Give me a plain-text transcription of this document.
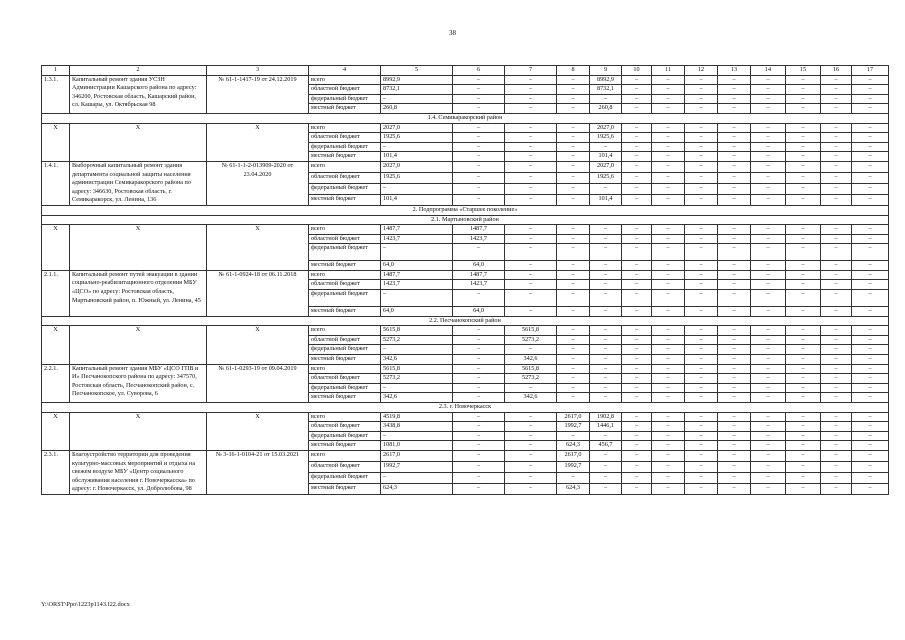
38
1	2	3	4	5	6	7	8	9	10	11	12	13	14	15	16	17
1.3.1.	Капитальный ремонт здания УСЗН Администрации Кашарского района по адресу: 346200, Ростовская область, Кашарский район, сл. Кашары, ул. Октябрьская 98	№ 61-1-1417-19 от 24.12.2019	всего	8992,9	–	–	–	8992,9	–	–	–	–	–	–	–	–
			областной бюджет	8732,1	–	–	–	8732,1	–	–	–	–	–	–	–	–
			федеральный бюджет	–	–	–	–	–	–	–	–	–	–	–	–	–
			местный бюджет	260,8	–	–	–	260,8	–	–	–	–	–	–	–	–
1.4. Семикаракорский район																
Х	Х	Х	всего	2027,0	–	–	–	2027,0	–	–	–	–	–	–	–	–
			областной бюджет	1925,6	–	–	–	1925,6	–	–	–	–	–	–	–	–
			федеральный бюджет	–	–	–	–	–	–	–	–	–	–	–	–	–
			местный бюджет	101,4	–	–	–	101,4	–	–	–	–	–	–	–	–
1.4.1.	Выборочный капитальный ремонт здания департамента социальной защиты населения администрации Семикаракорского района по адресу: 346630, Ростовская область, г. Семикаракорск, ул. Ленина, 136	№ 61-1-1-2-013909-2020 от 23.04.2020	всего	2027,0	–	–	–	2027,0	–	–	–	–	–	–	–	–
			областной бюджет	1925,6	–	–	–	1925,6	–	–	–	–	–	–	–	–
			федеральный бюджет	–	–	–	–	–	–	–	–	–	–	–	–	–
			местный бюджет	101,4	–	–	–	101,4	–	–	–	–	–	–	–	–
2. Подпрограмма «Старшее поколение»																
2.1. Мартыновский район																
Х	Х	Х	всего	1487,7	1487,7	–	–	–	–	–	–	–	–	–	–	–
			областной бюджет	1423,7	1423,7	–	–	–	–	–	–	–	–	–	–	–
			федеральный бюджет	–	–	–	–	–	–	–	–	–	–	–	–	–
			местный бюджет	64,0	64,0	–	–	–	–	–	–	–	–	–	–	–
2.1.1.	Капитальный ремонт путей эвакуации в здании социально-реабилитационного отделения МБУ «ЦСО» по адресу: Ростовская область, Мартыновский район, п. Южный, ул. Ленина, 45	№ 61-1-0924-18 от 06.11.2018	всего	1487,7	1487,7	–	–	–	–	–	–	–	–	–	–	–
			областной бюджет	1423,7	1423,7	–	–	–	–	–	–	–	–	–	–	–
			федеральный бюджет	–	–	–	–	–	–	–	–	–	–	–	–	–
			местный бюджет	64,0	64,0	–	–	–	–	–	–	–	–	–	–	–
2.2. Песчанокопский район																
Х	Х	Х	всего	5615,8	–	5615,8	–	–	–	–	–	–	–	–	–	–
			областной бюджет	5273,2	–	5273,2	–	–	–	–	–	–	–	–	–	–
			федеральный бюджет	–	–	–	–	–	–	–	–	–	–	–	–	–
			местный бюджет	342,6	–	342,6	–	–	–	–	–	–	–	–	–	–
2.2.1.	Капитальный ремонт здания МБУ «ЦСО ГПВ и И» Песчанокопского района по адресу: 347570, Ростовская область, Песчанокопский район, с. Песчанокопское, ул. Суворова, 6	№ 61-1-0293-19 от 09.04.2019	всего	5615,8	–	5615,8	–	–	–	–	–	–	–	–	–	–
			областной бюджет	5273,2	–	5273,2	–	–	–	–	–	–	–	–	–	–
			федеральный бюджет	–	–	–	–	–	–	–	–	–	–	–	–	–
			местный бюджет	342,6	–	342,6	–	–	–	–	–	–	–	–	–	–
2.3. г. Новочеркасск																
Х	Х	Х	всего	4519,8	–	–	2617,0	1902,8	–	–	–	–	–	–	–	–
			областной бюджет	3438,8	–	–	1992,7	1446,1	–	–	–	–	–	–	–	–
			федеральный бюджет	–	–	–	–	–	–	–	–	–	–	–	–	–
			местный бюджет	1081,0	–	–	624,3	456,7	–	–	–	–	–	–	–	–
2.3.1.	Благоустройство территории для проведения культурно-массовых мероприятий и отдыха на свежем воздухе МБУ «Центр социального обслуживания населения г. Новочеркасска» по адресу: г. Новочеркасск, ул. Добролюбова, 98	№ 3-16-1-0104-21 от 15.03.2021	всего	2617,0	–	–	2617,0	–	–	–	–	–	–	–	–	–
			областной бюджет	1992,7	–	–	1992,7	–	–	–	–	–	–	–	–	–
			федеральный бюджет	–	–	–	–	–	–	–	–	–	–	–	–	–
			местный бюджет	624,3	–	–	624,3	–	–	–	–	–	–	–	–	–
Y:\ORST\Ppo\1223p1143.f22.docx
